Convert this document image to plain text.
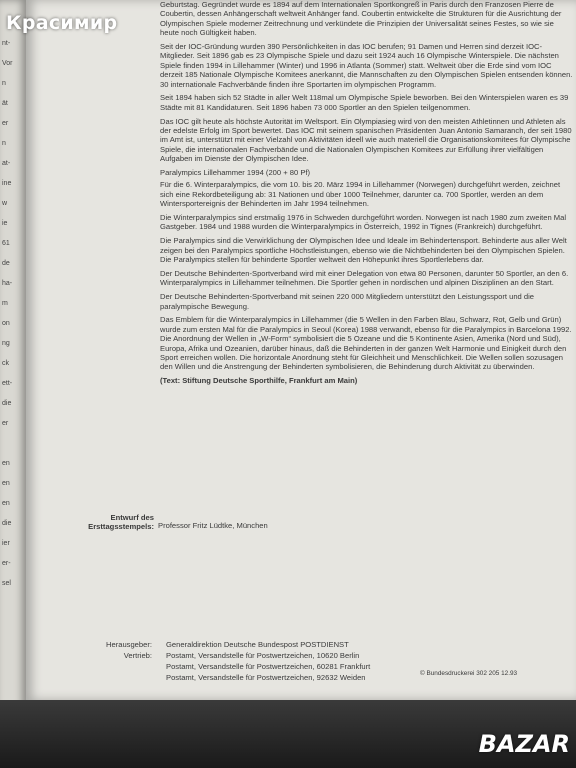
nt-
Vor
n
ät
er
n
at-
ine
w
ie
61
de
ha-
m
on
ng
ck
ett-
die
er
en
en
en
die
ier
er-
sel

Geburtstag. Gegründet wurde es 1894 auf dem Internationalen Sportkongreß in Paris durch den Franzosen Pierre de Coubertin, dessen Anhängerschaft weltweit Anhänger fand. Coubertin entwickelte die Strukturen für die Ausrichtung der Olympischen Spiele moderner Zeitrechnung und verkündete die Prinzipien der Universalität seines Festes, so wie sie heute noch Gültigkeit haben.

Seit der IOC-Gründung wurden 390 Persönlichkeiten in das IOC berufen; 91 Damen und Herren sind derzeit IOC-Mitglieder. Seit 1896 gab es 23 Olympische Spiele und dazu seit 1924 auch 16 Olympische Winterspiele. Die nächsten Spiele finden 1994 in Lillehammer (Winter) und 1996 in Atlanta (Sommer) statt. Weltweit über die Erde sind vom IOC derzeit 185 Nationale Olympische Komitees anerkannt, die Mannschaften zu den Olympischen Spielen entsenden können. 30 internationale Fachverbände finden ihre Sportarten im olympischen Programm.

Seit 1894 haben sich 52 Städte in aller Welt 118mal um Olympische Spiele beworben. Bei den Winterspielen waren es 39 Städte mit 81 Kandidaturen. Seit 1896 haben 73 000 Sportler an den Spielen teilgenommen.

Das IOC gilt heute als höchste Autorität im Weltsport. Ein Olympiasieg wird von den meisten Athletinnen und Athleten als der edelste Erfolg im Sport bewertet. Das IOC mit seinem spanischen Präsidenten Juan Antonio Samaranch, der seit 1980 im Amt ist, unterstützt mit einer Vielzahl von Aktivitäten ideell wie auch materiell die Organisationskomitees für Olympische Spiele, die internationalen Fachverbände und die Nationalen Olympischen Komitees zur Erfüllung ihrer vielfältigen Aufgaben im Dienste der Olympischen Idee.

Paralympics Lillehammer 1994 (200 + 80 Pf)

Für die 6. Winterparalympics, die vom 10. bis 20. März 1994 in Lillehammer (Norwegen) durchgeführt werden, zeichnet sich eine Rekordbeteiligung ab: 31 Nationen und über 1000 Teilnehmer, darunter ca. 700 Sportler, werden an dem Wintersportereignis der Behinderten im Jahr 1994 teilnehmen.

Die Winterparalympics sind erstmalig 1976 in Schweden durchgeführt worden. Norwegen ist nach 1980 zum zweiten Mal Gastgeber. 1984 und 1988 wurden die Winterparalympics in Österreich, 1992 in Tignes (Frankreich) durchgeführt.

Die Paralympics sind die Verwirklichung der Olympischen Idee und Ideale im Behindertensport. Behinderte aus aller Welt zeigen bei den Paralympics sportliche Höchstleistungen, ebenso wie die Nichtbehinderten bei den Olympischen Spielen. Die Paralympics stellen für behinderte Sportler weltweit den Höhepunkt ihres Sportlerlebens dar.

Der Deutsche Behinderten-Sportverband wird mit einer Delegation von etwa 80 Personen, darunter 50 Sportler, an den 6. Winterparalympics in Lillehammer teilnehmen. Die Sportler gehen in nordischen und alpinen Disziplinen an den Start.

Der Deutsche Behinderten-Sportverband mit seinen 220 000 Mitgliedern unterstützt den Leistungssport und die paralympische Bewegung.

Das Emblem für die Winterparalympics in Lillehammer (die 5 Wellen in den Farben Blau, Schwarz, Rot, Gelb und Grün) wurde zum ersten Mal für die Paralympics in Seoul (Korea) 1988 verwandt, ebenso für die Paralympics in Barcelona 1992. Die Anordnung der Wellen in „W-Form“ symbolisiert die 5 Ozeane und die 5 Kontinente Asien, Amerika (Nord und Süd), Europa, Afrika und Ozeanien, darüber hinaus, daß die Behinderten in der ganzen Welt Harmonie und Einigkeit durch den Sport erreichen wollen. Die horizontale Anordnung steht für Gleichheit und Menschlichkeit. Die Wellen sollen sozusagen den Willen und die Anstrengung der Behinderten symbolisieren, die Behinderung durch Aktivität zu überwinden.

(Text: Stiftung Deutsche Sporthilfe, Frankfurt am Main)

Entwurf des
Ersttagsstempels: Professor Fritz Lüdtke, München
Herausgeber: Generaldirektion Deutsche Bundespost POSTDIENST
Vertrieb: Postamt, Versandstelle für Postwertzeichen, 10620 Berlin
Postamt, Versandstelle für Postwertzeichen, 60281 Frankfurt
Postamt, Versandstelle für Postwertzeichen, 92632 Weiden	© Bundesdruckerei 302 205 12.93
Красимир
BAZAR
